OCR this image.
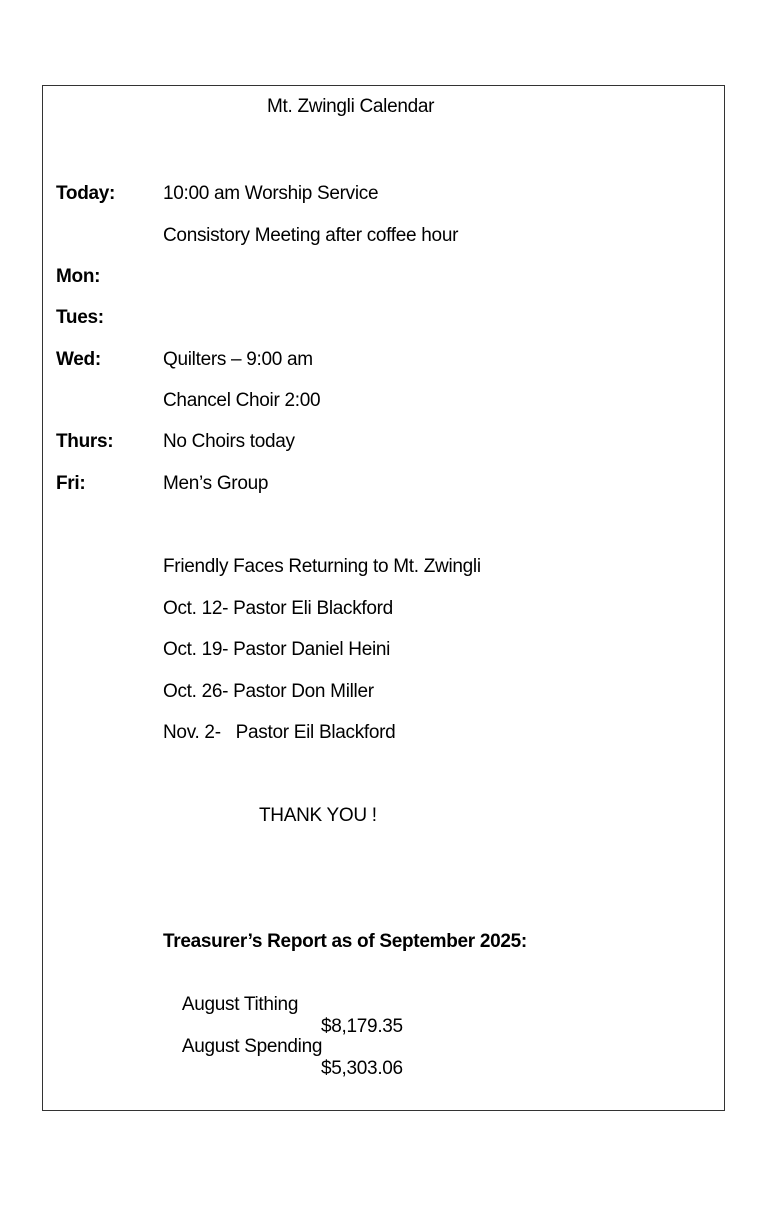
Mt. Zwingli Calendar
Today:	10:00 am Worship Service
Consistory Meeting after coffee hour
Mon:
Tues:
Wed:	Quilters – 9:00 am
Chancel Choir 2:00
Thurs:	No Choirs today
Fri:	Men’s Group
Friendly Faces Returning to Mt. Zwingli
Oct. 12- Pastor Eli Blackford
Oct. 19- Pastor Daniel Heini
Oct. 26- Pastor Don Miller
Nov. 2-   Pastor Eil Blackford
THANK YOU !
Treasurer’s Report as of September 2025:

August Tithing

$8,179.35

August Spending

$5,303.06
